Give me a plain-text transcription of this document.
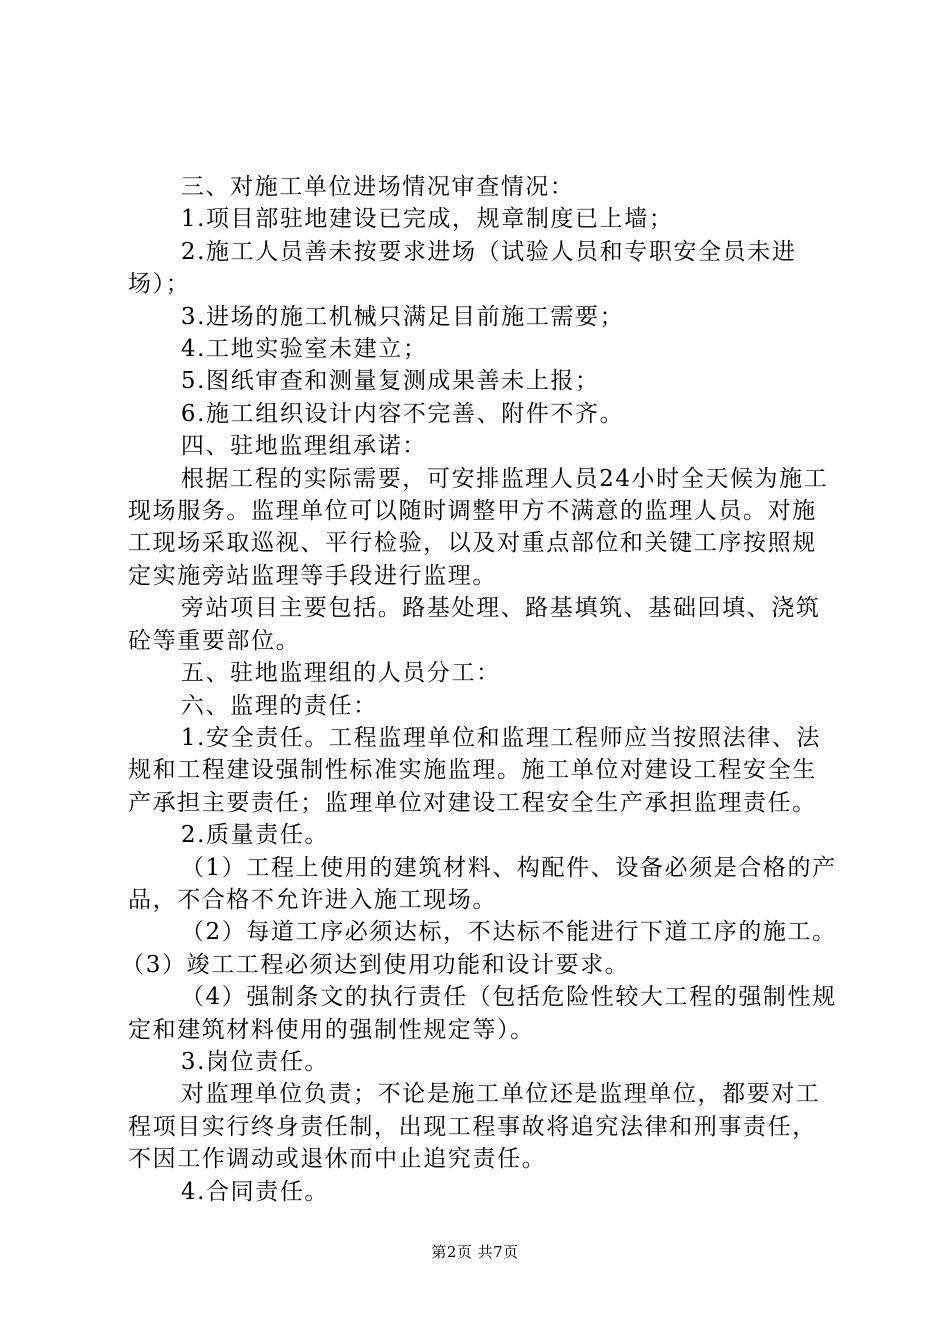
三、对施工单位进场情况审查情况：

1.项目部驻地建设已完成，规章制度已上墙；

2.施工人员善未按要求进场（试验人员和专职安全员未进场）；

3.进场的施工机械只满足目前施工需要；

4.工地实验室未建立；

5.图纸审查和测量复测成果善未上报；

6.施工组织设计内容不完善、附件不齐。

四、驻地监理组承诺：

根据工程的实际需要，可安排监理人员24小时全天候为施工现场服务。监理单位可以随时调整甲方不满意的监理人员。对施工现场采取巡视、平行检验，以及对重点部位和关键工序按照规定实施旁站监理等手段进行监理。

旁站项目主要包括。路基处理、路基填筑、基础回填、浇筑砼等重要部位。

五、驻地监理组的人员分工：

六、监理的责任：

1.安全责任。工程监理单位和监理工程师应当按照法律、法规和工程建设强制性标准实施监理。施工单位对建设工程安全生产承担主要责任；监理单位对建设工程安全生产承担监理责任。

2.质量责任。

（1）工程上使用的建筑材料、构配件、设备必须是合格的产品，不合格不允许进入施工现场。

（2）每道工序必须达标，不达标不能进行下道工序的施工。

（3）竣工工程必须达到使用功能和设计要求。

（4）强制条文的执行责任（包括危险性较大工程的强制性规定和建筑材料使用的强制性规定等）。

3.岗位责任。

对监理单位负责；不论是施工单位还是监理单位，都要对工程项目实行终身责任制，出现工程事故将追究法律和刑事责任，不因工作调动或退休而中止追究责任。

4.合同责任。

第2页 共7页
